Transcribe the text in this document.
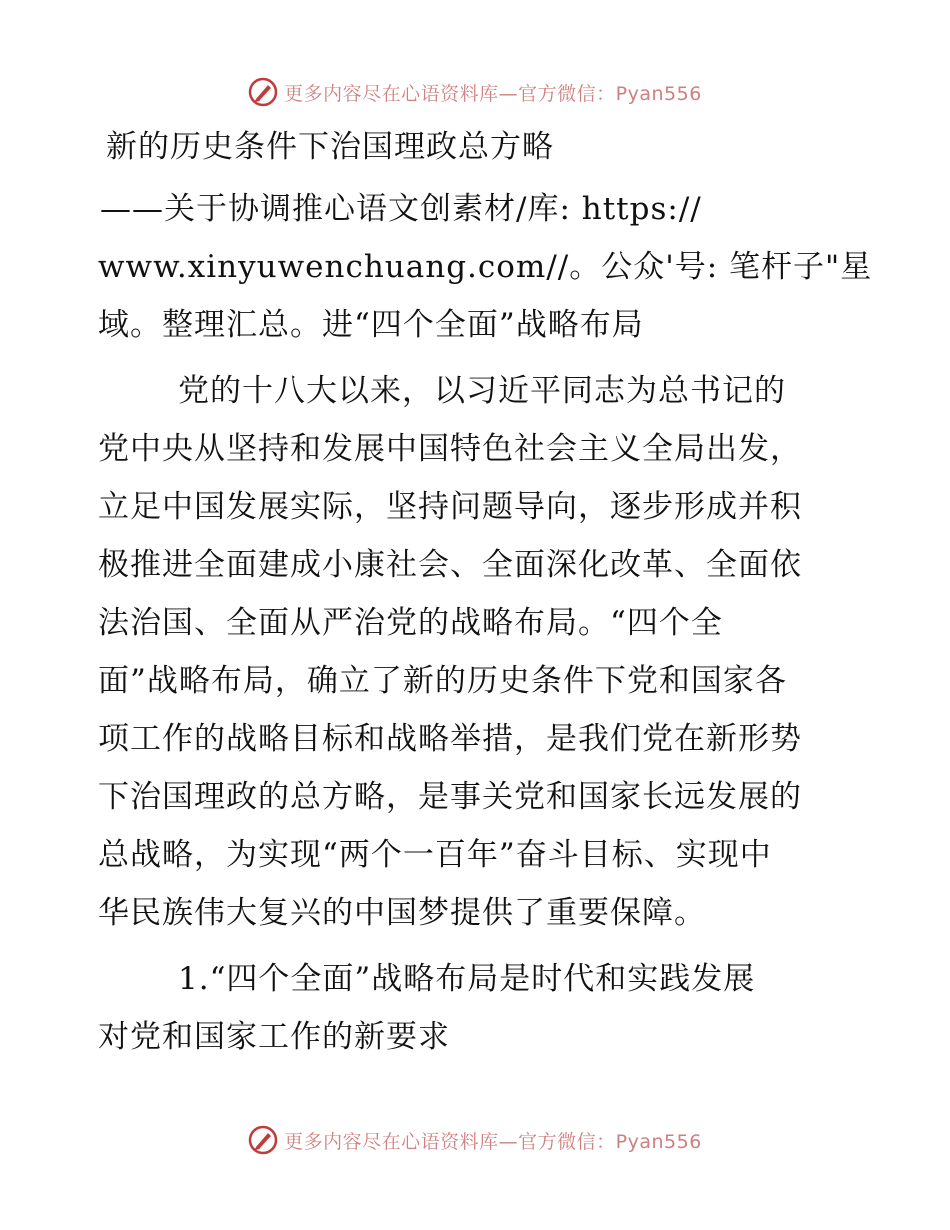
更多内容尽在心语资料库—官方微信：Pyan556
新的历史条件下治国理政总方略
——关于协调推心语文创素材/库: https://
www.xinyuwenchuang.com//。公众'号: 笔杆子"星
域。整理汇总。进“四个全面”战略布局
党的十八大以来，以习近平同志为总书记的
党中央从坚持和发展中国特色社会主义全局出发，
立足中国发展实际，坚持问题导向，逐步形成并积
极推进全面建成小康社会、全面深化改革、全面依
法治国、全面从严治党的战略布局。“四个全
面”战略布局，确立了新的历史条件下党和国家各
项工作的战略目标和战略举措，是我们党在新形势
下治国理政的总方略，是事关党和国家长远发展的
总战略，为实现“两个一百年”奋斗目标、实现中
华民族伟大复兴的中国梦提供了重要保障。
1.“四个全面”战略布局是时代和实践发展
对党和国家工作的新要求
更多内容尽在心语资料库—官方微信：Pyan556
